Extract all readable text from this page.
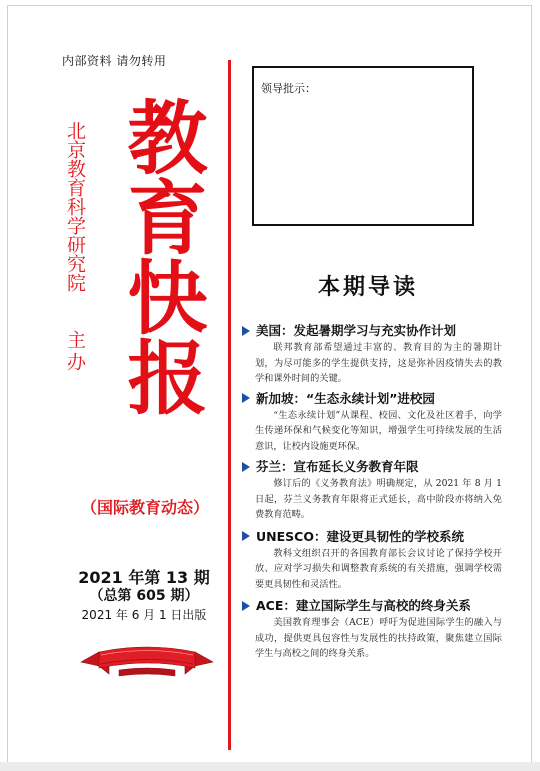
内部资料 请勿转用
北京教育科学研究院
主办 教育快报
（国际教育动态）
2021 年第 13 期
（总第 605 期）
2021 年 6 月 1 日出版
领导批示：
本期导读
美国：发起暑期学习与充实协作计划
联邦教育部希望通过丰富的、教育目的为主的暑期计划，为尽可能多的学生提供支持，这是弥补因疫情失去的教学和课外时间的关键。
新加坡：“生态永续计划”进校园
“生态永续计划”从课程、校园、文化及社区着手，向学生传递环保和气候变化等知识，增强学生可持续发展的生活意识，让校内设施更环保。
芬兰：宣布延长义务教育年限
修订后的《义务教育法》明确规定，从 2021 年 8 月 1 日起，芬兰义务教育年限将正式延长，高中阶段亦将纳入免费教育范畴。
UNESCO：建设更具韧性的学校系统
教科文组织召开的各国教育部长会议讨论了保持学校开放、应对学习损失和调整教育系统的有关措施，强调学校需要更具韧性和灵活性。
ACE：建立国际学生与高校的终身关系
美国教育理事会（ACE）呼吁为促进国际学生的融入与成功，提供更具包容性与发展性的扶持政策，聚焦建立国际学生与高校之间的终身关系。
